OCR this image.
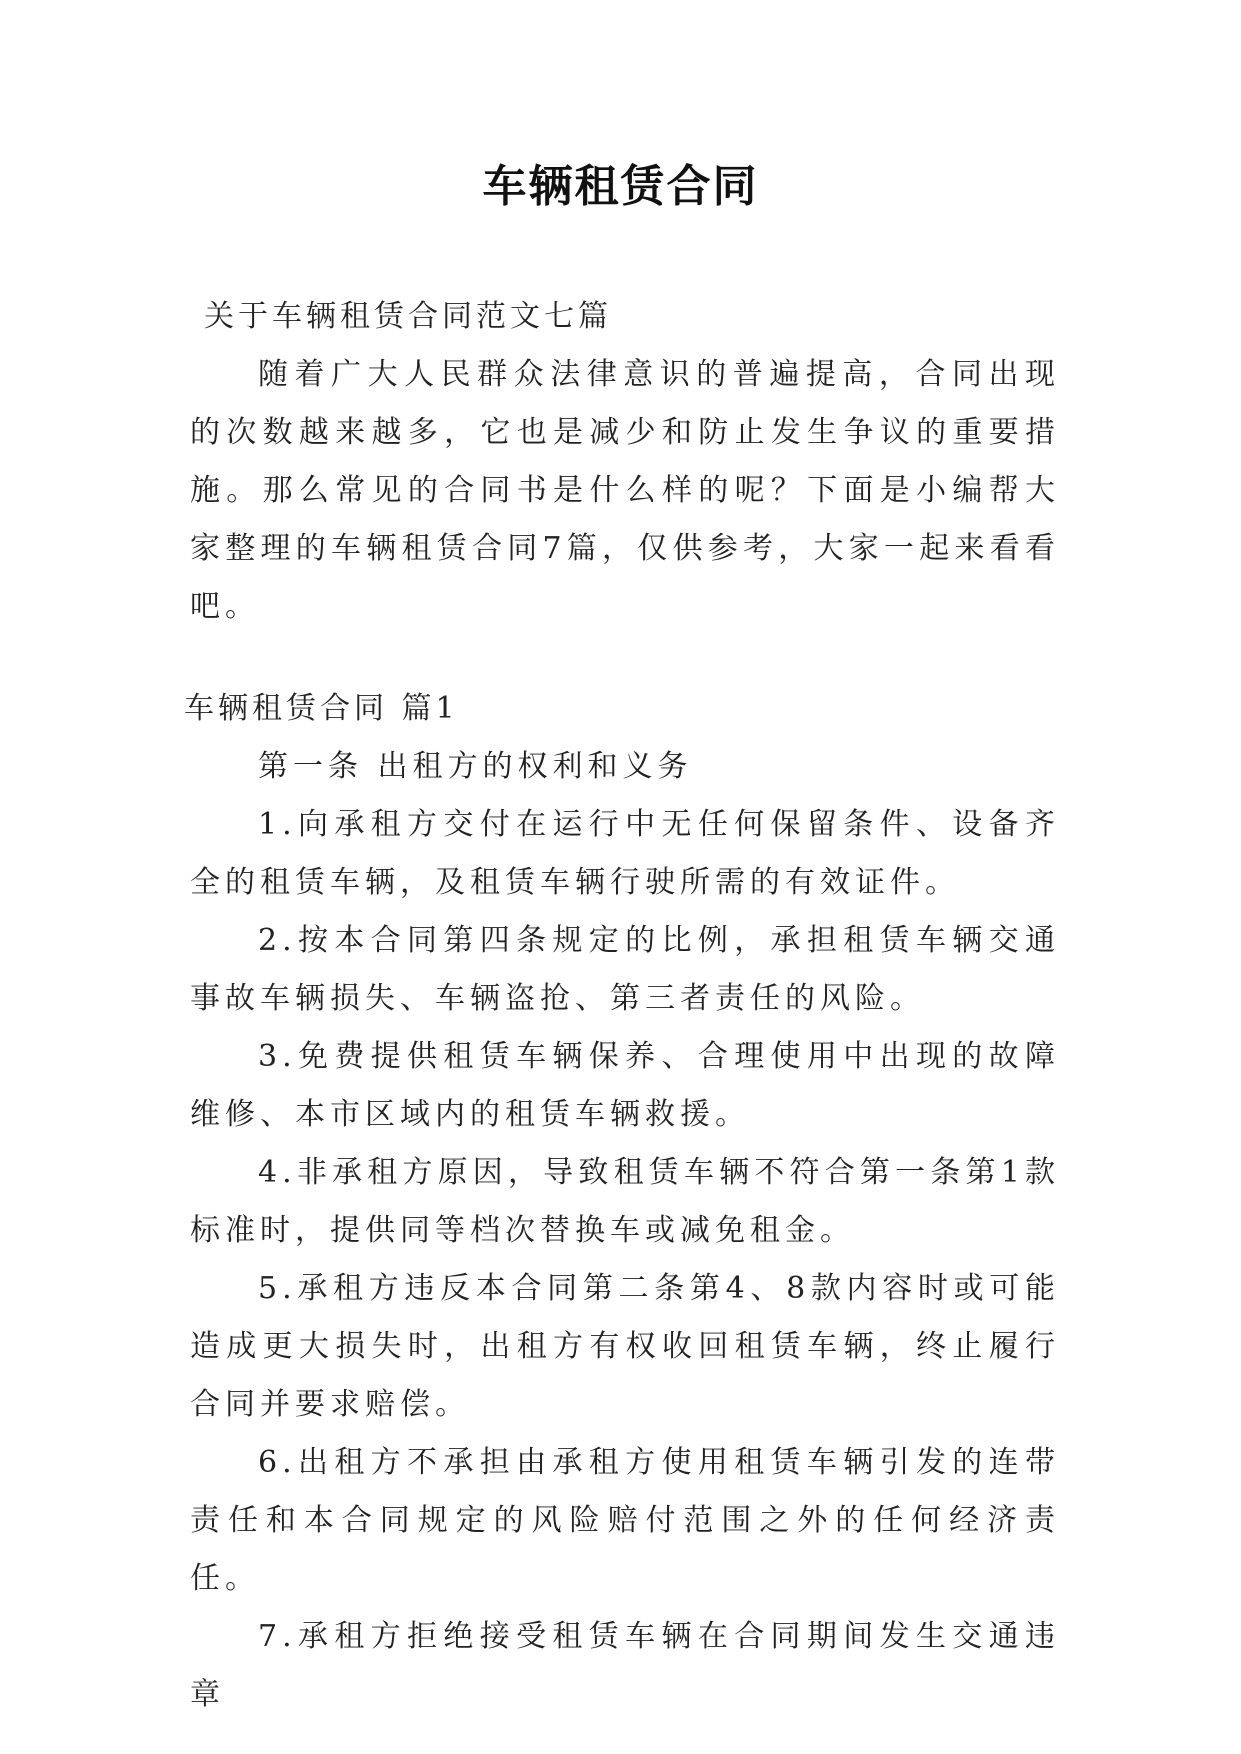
车辆租赁合同

关于车辆租赁合同范文七篇

随着广大人民群众法律意识的普遍提高，合同出现的次数越来越多，它也是减少和防止发生争议的重要措施。那么常见的合同书是什么样的呢？下面是小编帮大家整理的车辆租赁合同7篇，仅供参考，大家一起来看看吧。

车辆租赁合同 篇1

第一条 出租方的权利和义务

1.向承租方交付在运行中无任何保留条件、设备齐全的租赁车辆，及租赁车辆行驶所需的有效证件。

2.按本合同第四条规定的比例，承担租赁车辆交通事故车辆损失、车辆盗抢、第三者责任的风险。

3.免费提供租赁车辆保养、合理使用中出现的故障维修、本市区域内的租赁车辆救援。

4.非承租方原因，导致租赁车辆不符合第一条第1款标准时，提供同等档次替换车或减免租金。

5.承租方违反本合同第二条第4、8款内容时或可能造成更大损失时，出租方有权收回租赁车辆，终止履行合同并要求赔偿。

6.出租方不承担由承租方使用租赁车辆引发的连带责任和本合同规定的风险赔付范围之外的任何经济责任。

7.承租方拒绝接受租赁车辆在合同期间发生交通违章
